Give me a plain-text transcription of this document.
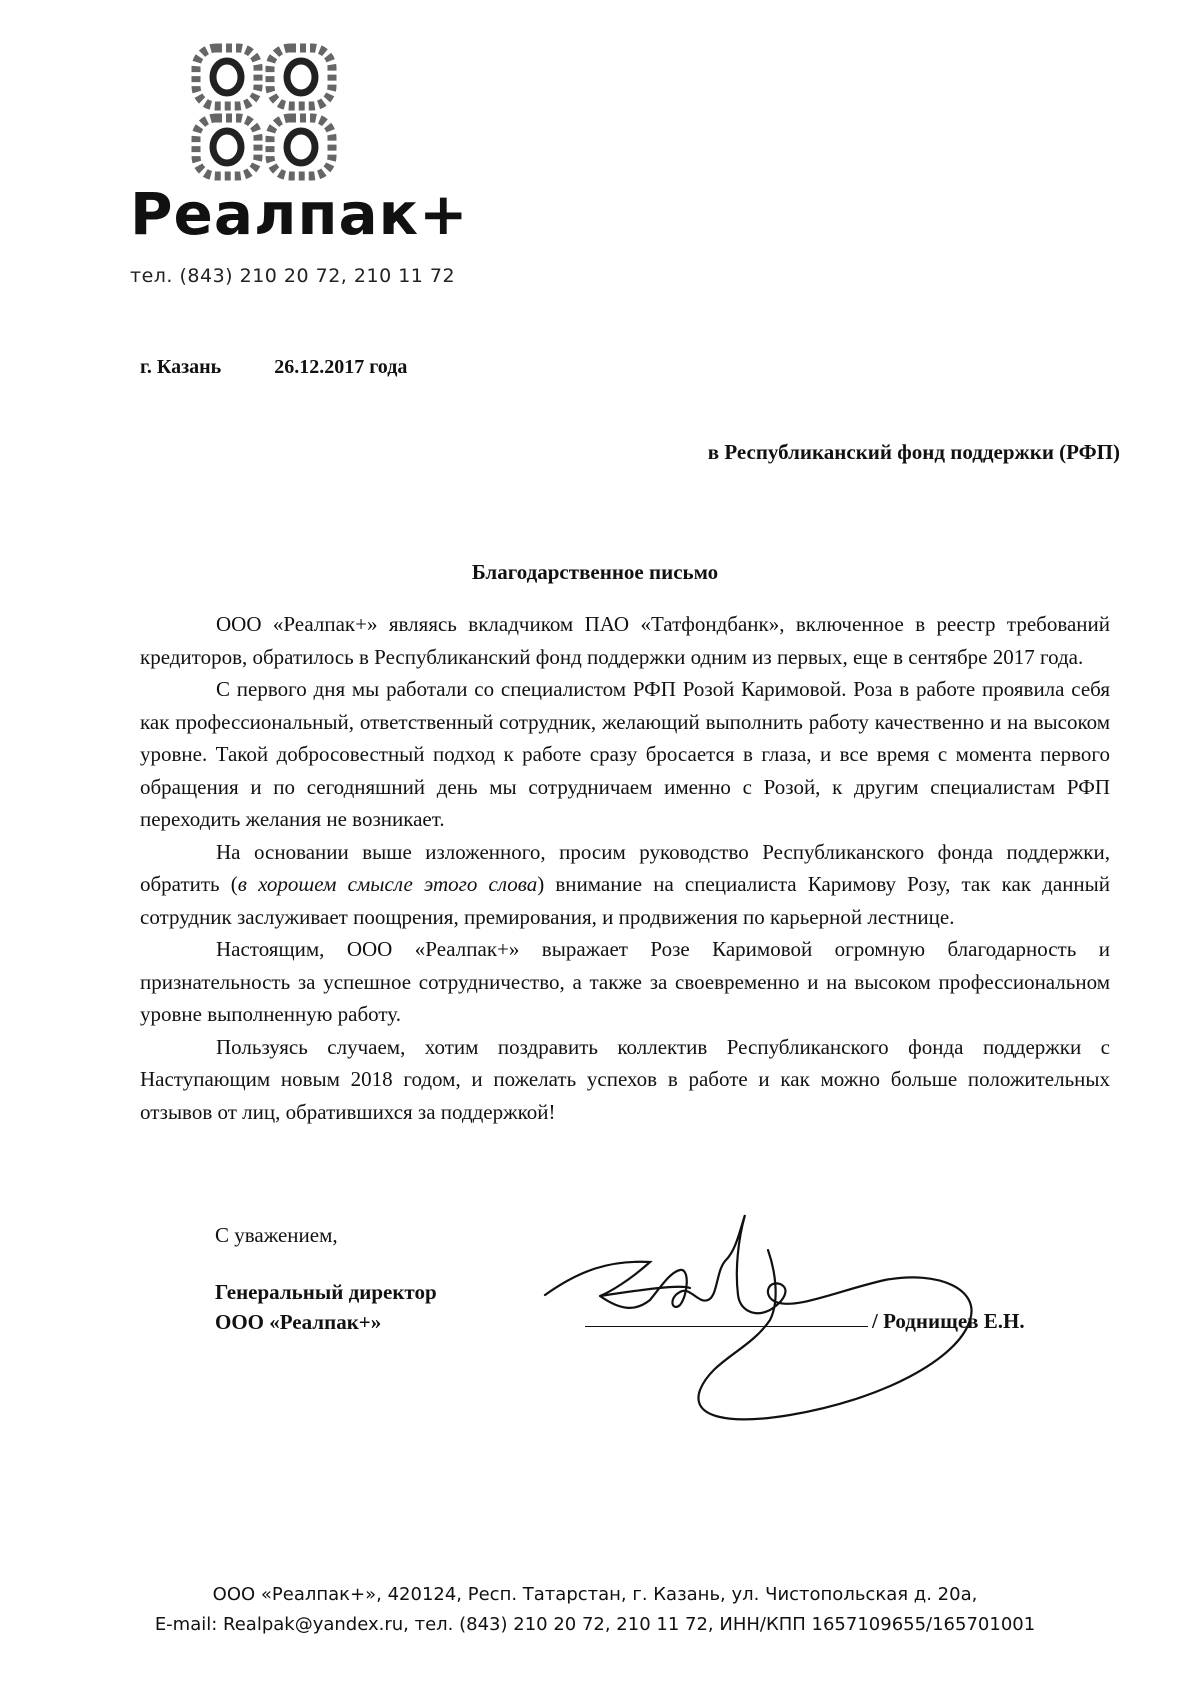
Реалпак+
тел. (843) 210 20 72, 210 11 72
г. Казань	26.12.2017 года
в Республиканский фонд поддержки (РФП)
Благодарственное письмо

ООО «Реалпак+» являясь вкладчиком ПАО «Татфондбанк», включенное в реестр требований кредиторов, обратилось в Республиканский фонд поддержки одним из первых, еще в сентябре 2017 года.

С первого дня мы работали со специалистом РФП Розой Каримовой. Роза в работе проявила себя как профессиональный, ответственный сотрудник, желающий выполнить работу качественно и на высоком уровне. Такой добросовестный подход к работе сразу бросается в глаза, и все время с момента первого обращения и по сегодняшний день мы сотрудничаем именно с Розой, к другим специалистам РФП переходить желания не возникает.

На основании выше изложенного, просим руководство Республиканского фонда поддержки, обратить (в хорошем смысле этого слова) внимание на специалиста Каримову Розу, так как данный сотрудник заслуживает поощрения, премирования, и продвижения по карьерной лестнице.

Настоящим, ООО «Реалпак+» выражает Розе Каримовой огромную благодарность и признательность за успешное сотрудничество, а также за своевременно и на высоком профессиональном уровне выполненную работу.

Пользуясь случаем, хотим поздравить коллектив Республиканского фонда поддержки с Наступающим новым 2018 годом, и пожелать успехов в работе и как можно больше положительных отзывов от лиц, обратившихся за поддержкой!

С уважением,
Генеральный директор
ООО «Реалпак+»	/ Роднищев Е.Н.
ООО «Реалпак+», 420124, Респ. Татарстан, г. Казань, ул. Чистопольская д. 20а,
E-mail: Realpak@yandex.ru, тел. (843) 210 20 72, 210 11 72, ИНН/КПП 1657109655/165701001
